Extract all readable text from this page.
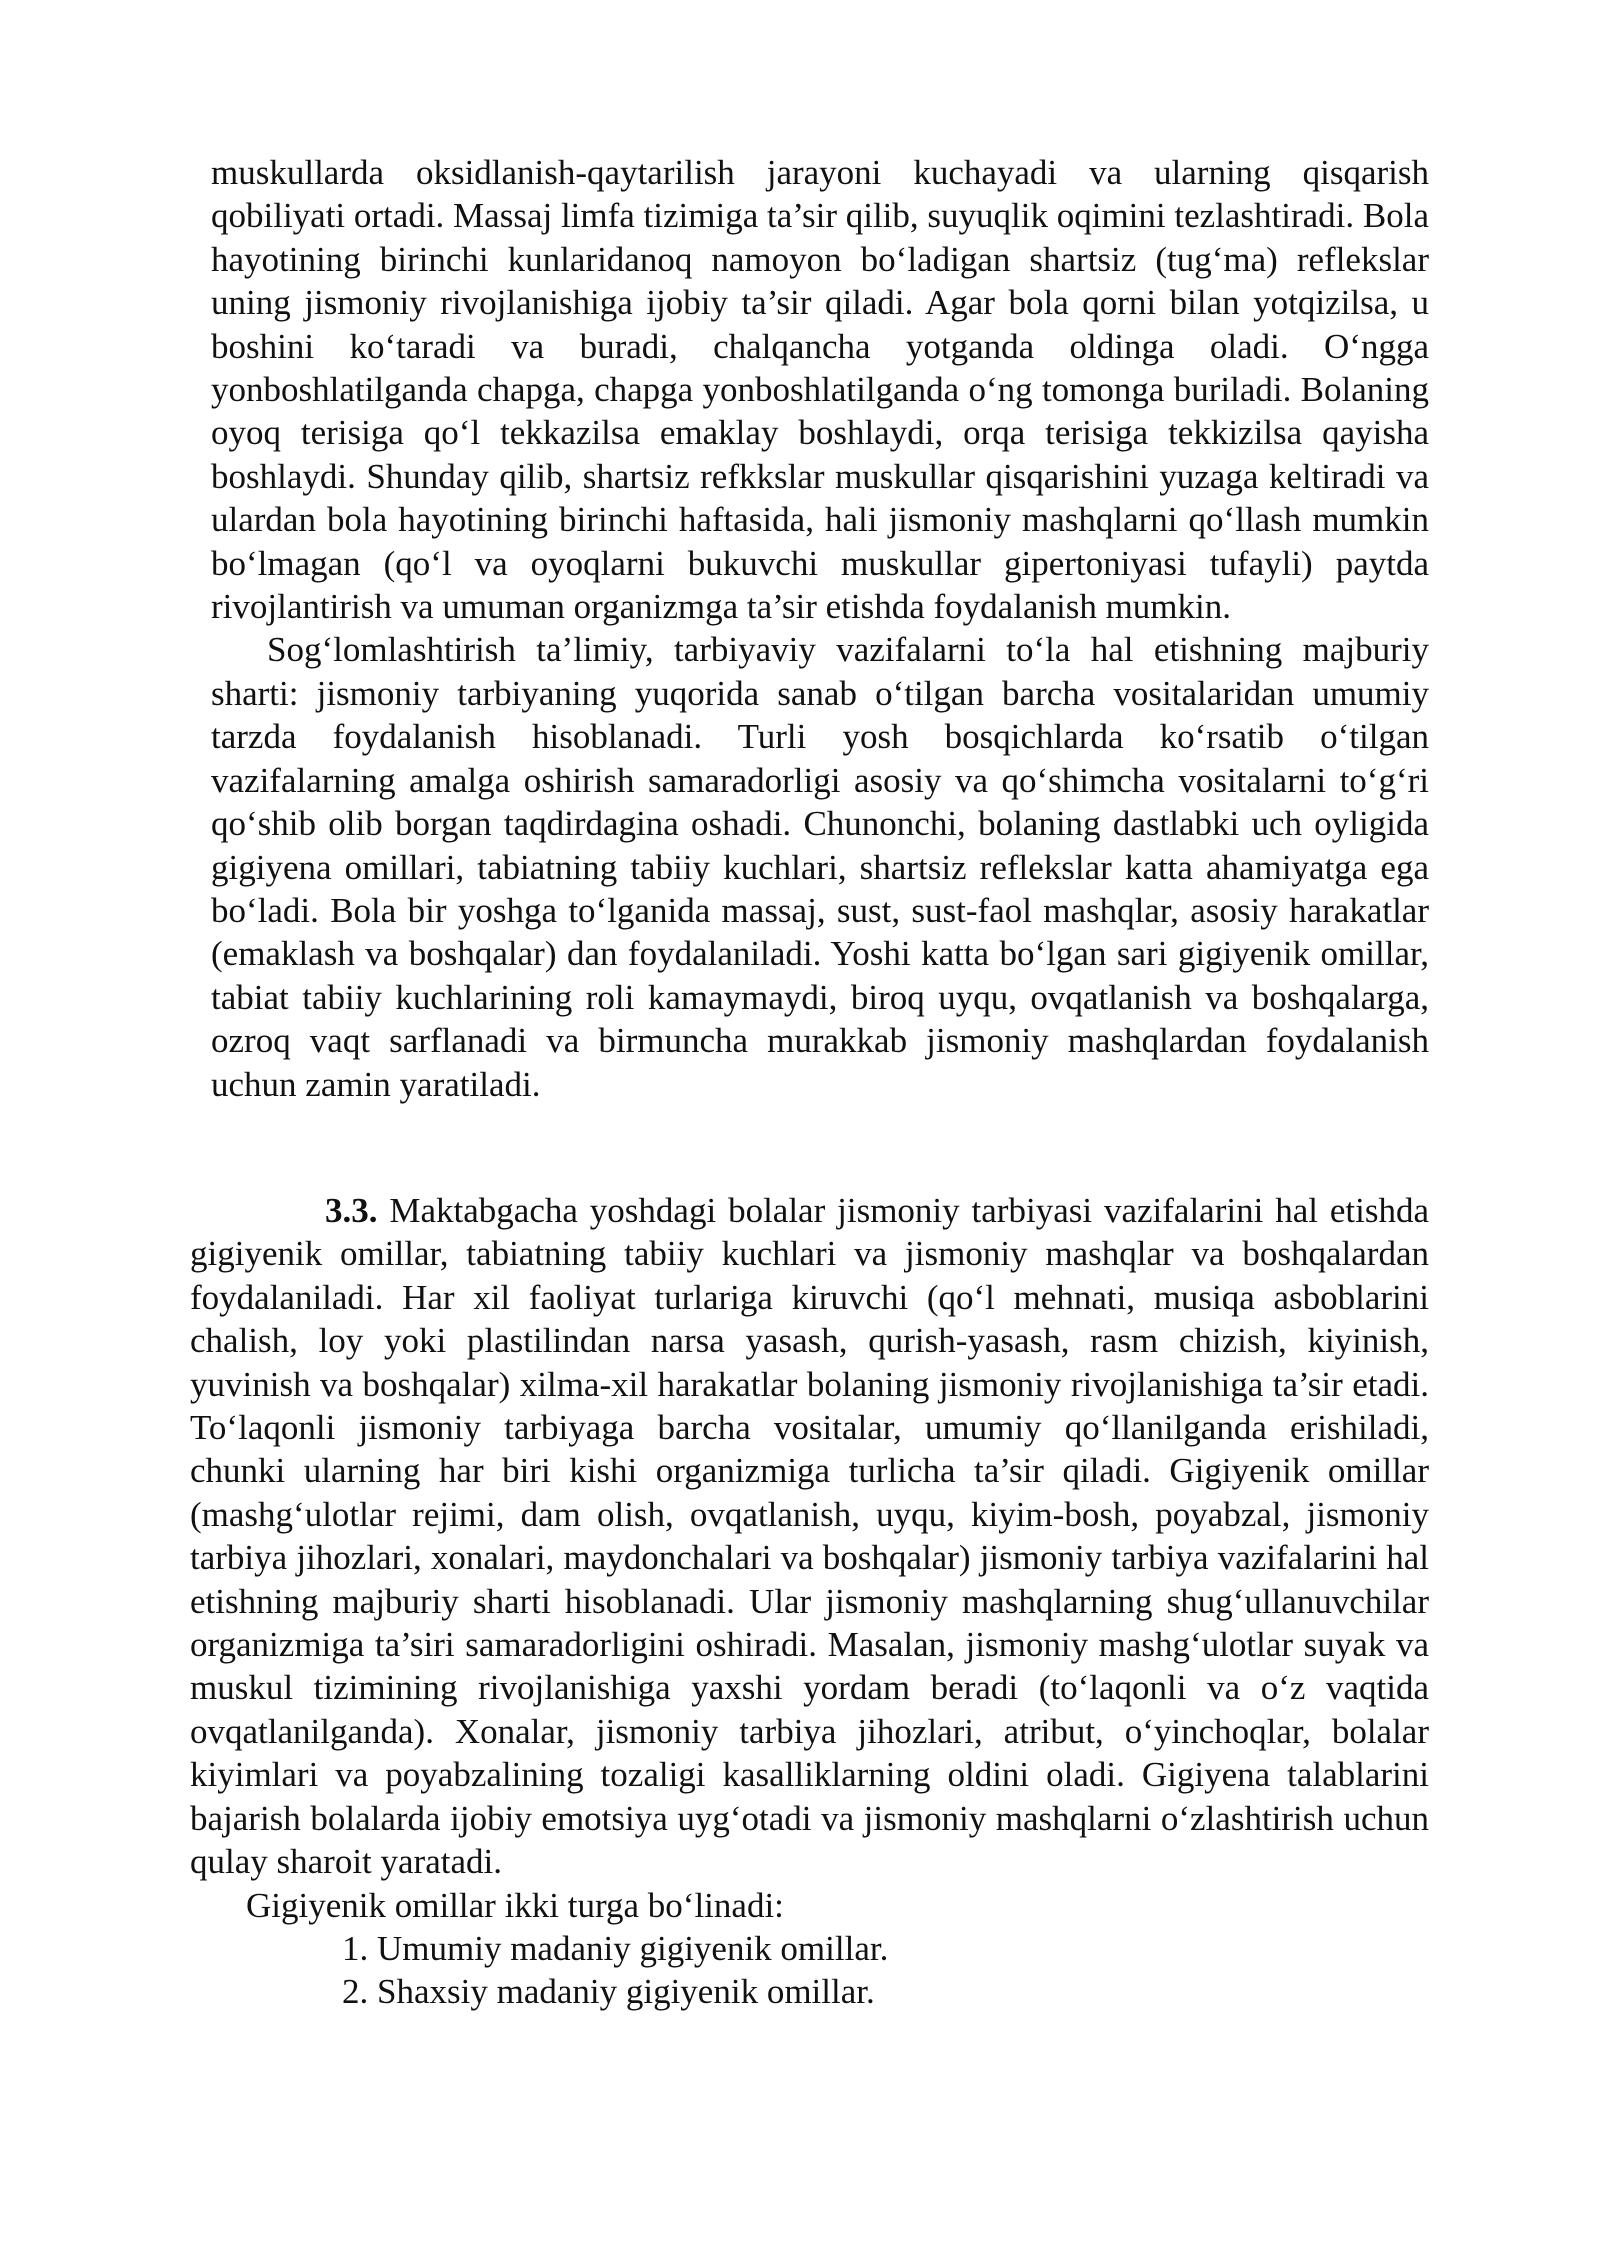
muskullarda oksidlanish-qaytarilish jarayoni kuchayadi va ularning qisqarish qobiliyati ortadi. Massaj limfa tizimiga ta’sir qilib, suyuqlik oqimini tezlashtiradi. Bola hayotining birinchi kunlaridanoq namoyon bo‘ladigan shartsiz (tug‘ma) reflekslar uning jismoniy rivojlanishiga ijobiy ta’sir qiladi. Agar bola qorni bilan yotqizilsa, u boshini ko‘taradi va buradi, chalqancha yotganda oldinga oladi. O‘ngga yonboshlatilganda chapga, chapga yonboshlatilganda o‘ng tomonga buriladi. Bolaning oyoq terisiga qo‘l tekkazilsa emaklay boshlaydi, orqa terisiga tekkizilsa qayisha boshlaydi. Shunday qilib, shartsiz refkkslar muskullar qisqarishini yuzaga keltiradi va ulardan bola hayotining birinchi haftasida, hali jismoniy mashqlarni qo‘llash mumkin bo‘lmagan (qo‘l va oyoqlarni bukuvchi muskullar gipertoniyasi tufayli) paytda rivojlantirish va umuman organizmga ta’sir etishda foydalanish mumkin.

Sog‘lomlashtirish ta’limiy, tarbiyaviy vazifalarni to‘la hal etishning majburiy sharti: jismoniy tarbiyaning yuqorida sanab o‘tilgan barcha vositalaridan umumiy tarzda foydalanish hisoblanadi. Turli yosh bosqichlarda ko‘rsatib o‘tilgan vazifalarning amalga oshirish samaradorligi asosiy va qo‘shimcha vositalarni to‘g‘ri qo‘shib olib borgan taqdirdagina oshadi. Chunonchi, bolaning dastlabki uch oyligida gigiyena omillari, tabiatning tabiiy kuchlari, shartsiz reflekslar katta ahamiyatga ega bo‘ladi. Bola bir yoshga to‘lganida massaj, sust, sust-faol mashqlar, asosiy harakatlar (emaklash va boshqalar) dan foydalaniladi. Yoshi katta bo‘lgan sari gigiyenik omillar, tabiat tabiiy kuchlarining roli kamaymaydi, biroq uyqu, ovqatlanish va boshqalarga, ozroq vaqt sarflanadi va birmuncha murakkab jismoniy mashqlardan foydalanish uchun zamin yaratiladi.

3.3. Maktabgacha yoshdagi bolalar jismoniy tarbiyasi vazifalarini hal etishda gigiyenik omillar, tabiatning tabiiy kuchlari va jismoniy mashqlar va boshqalardan foydalaniladi. Har xil faoliyat turlariga kiruvchi (qo‘l mehnati, musiqa asboblarini chalish, loy yoki plastilindan narsa yasash, qurish-yasash, rasm chizish, kiyinish, yuvinish va boshqalar) xilma-xil harakatlar bolaning jismoniy rivojlanishiga ta’sir etadi. To‘laqonli jismoniy tarbiyaga barcha vositalar, umumiy qo‘llanilganda erishiladi, chunki ularning har biri kishi organizmiga turlicha ta’sir qiladi. Gigiyenik omillar (mashg‘ulotlar rejimi, dam olish, ovqatlanish, uyqu, kiyim-bosh, poyabzal, jismoniy tarbiya jihozlari, xonalari, maydonchalari va boshqalar) jismoniy tarbiya vazifalarini hal etishning majburiy sharti hisoblanadi. Ular jismoniy mashqlarning shug‘ullanuvchilar organizmiga ta’siri samaradorligini oshiradi. Masalan, jismoniy mashg‘ulotlar suyak va muskul tizimining rivojlanishiga yaxshi yordam beradi (to‘laqonli va o‘z vaqtida ovqatlanilganda). Xonalar, jismoniy tarbiya jihozlari, atribut, o‘yinchoqlar, bolalar kiyimlari va poyabzalining tozaligi kasalliklarning oldini oladi. Gigiyena talablarini bajarish bolalarda ijobiy emotsiya uyg‘otadi va jismoniy mashqlarni o‘zlashtirish uchun qulay sharoit yaratadi.

Gigiyenik omillar ikki turga bo‘linadi:

1. Umumiy madaniy gigiyenik omillar.

2. Shaxsiy madaniy gigiyenik omillar.
